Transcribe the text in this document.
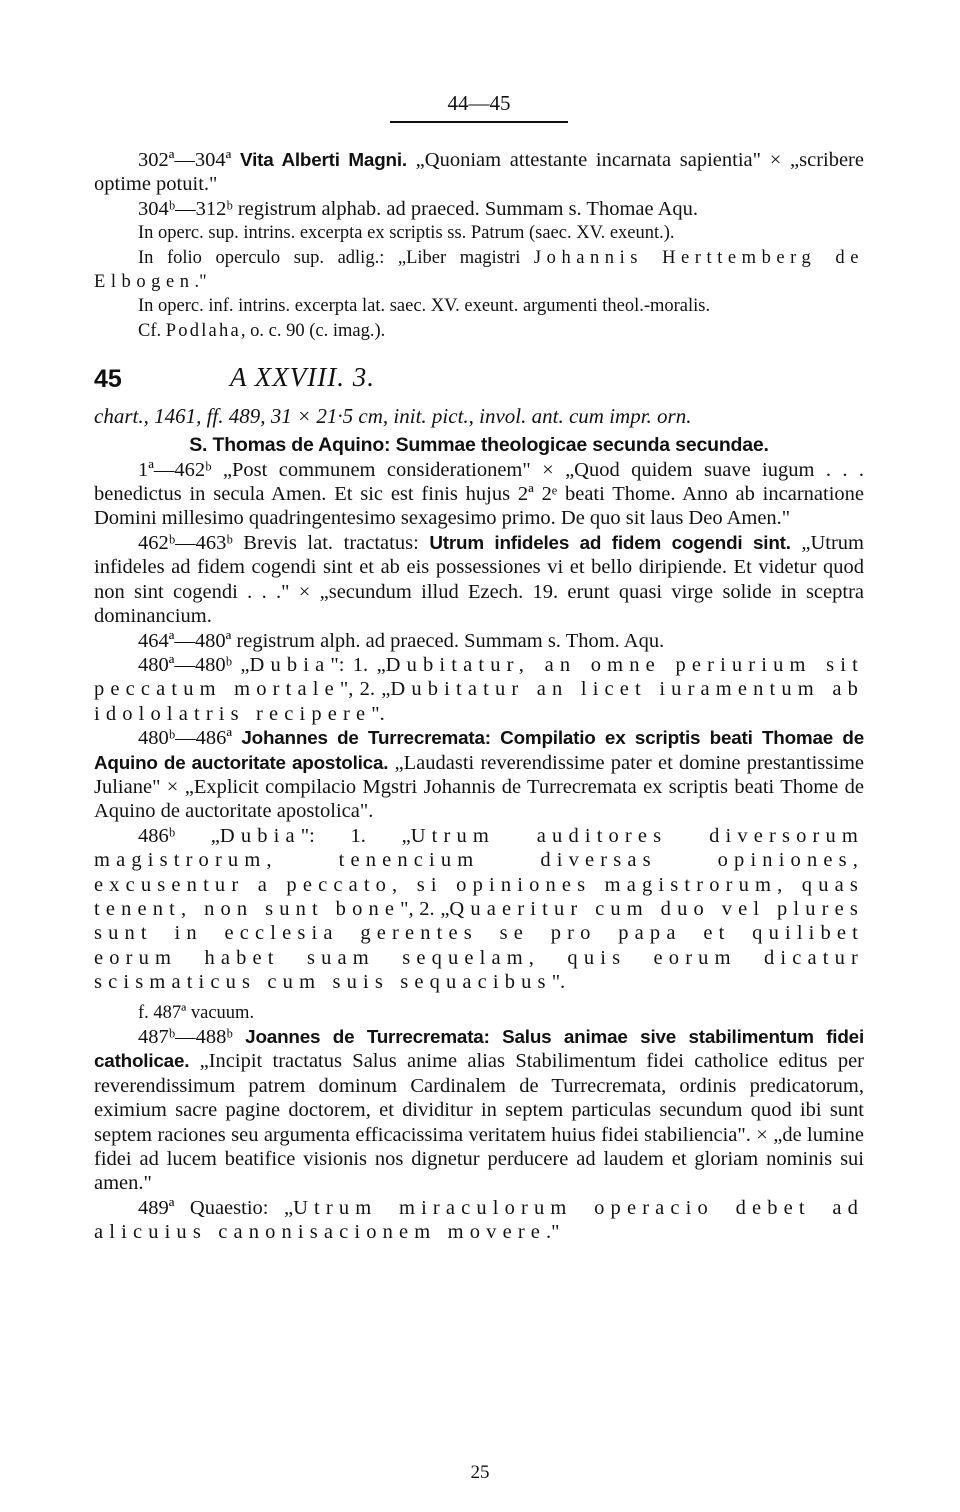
44—45

302ª—304ª Vita Alberti Magni. „Quoniam attestante incarnata sapientia" × „scribere optime potuit."

304ᵇ—312ᵇ registrum alphab. ad praeced. Summam s. Thomae Aqu.

In operc. sup. intrins. excerpta ex scriptis ss. Patrum (saec. XV. exeunt.).

In folio operculo sup. adlig.: „Liber magistri Johannis Herttemberg de Elbogen."

In operc. inf. intrins. excerpta lat. saec. XV. exeunt. argumenti theol.-moralis.

Cf. Podlaha, o. c. 90 (c. imag.).

45	A XXVIII. 3.

chart., 1461, ff. 489, 31 × 21·5 cm, init. pict., invol. ant. cum impr. orn.

S. Thomas de Aquino: Summae theologicae secunda secundae.

1ª—462ᵇ „Post communem considerationem" × „Quod quidem suave iugum . . . benedictus in secula Amen. Et sic est finis hujus 2ª 2ᵉ beati Thome. Anno ab incarnatione Domini millesimo quadringentesimo sexagesimo primo. De quo sit laus Deo Amen."

462ᵇ—463ᵇ Brevis lat. tractatus: Utrum infideles ad fidem cogendi sint. „Utrum infideles ad fidem cogendi sint et ab eis possessiones vi et bello diripiende. Et videtur quod non sint cogendi . . ." × „secundum illud Ezech. 19. erunt quasi virge solide in sceptra dominancium.

464ª—480ª registrum alph. ad praeced. Summam s. Thom. Aqu.

480ª—480ᵇ „Dubia": 1. „Dubitatur, an omne periurium sit peccatum mortale", 2. „Dubitatur an licet iuramentum ab idololatris recipere".

480ᵇ—486ª Johannes de Turrecremata: Compilatio ex scriptis beati Thomae de Aquino de auctoritate apostolica. „Laudasti reverendissime pater et domine prestantissime Juliane" × „Explicit compilacio Mgstri Johannis de Turrecremata ex scriptis beati Thome de Aquino de auctoritate apostolica".

486ᵇ „Dubia": 1. „Utrum auditores diversorum magistrorum, tenencium diversas opiniones, excusentur a peccato, si opiniones magistrorum, quas tenent, non sunt bone", 2. „Quaeritur cum duo vel plures sunt in ecclesia gerentes se pro papa et quilibet eorum habet suam sequelam, quis eorum dicatur scismaticus cum suis sequacibus".

f. 487ª vacuum.

487ᵇ—488ᵇ Joannes de Turrecremata: Salus animae sive stabilimentum fidei catholicae. „Incipit tractatus Salus anime alias Stabilimentum fidei catholice editus per reverendissimum patrem dominum Cardinalem de Turrecremata, ordinis predicatorum, eximium sacre pagine doctorem, et dividitur in septem particulas secundum quod ibi sunt septem raciones seu argumenta efficacissima veritatem huius fidei stabiliencia". × „de lumine fidei ad lucem beatifice visionis nos dignetur perducere ad laudem et gloriam nominis sui amen."

489ª Quaestio: „Utrum miraculorum operacio debet ad alicuius canonisacionem movere."

25
